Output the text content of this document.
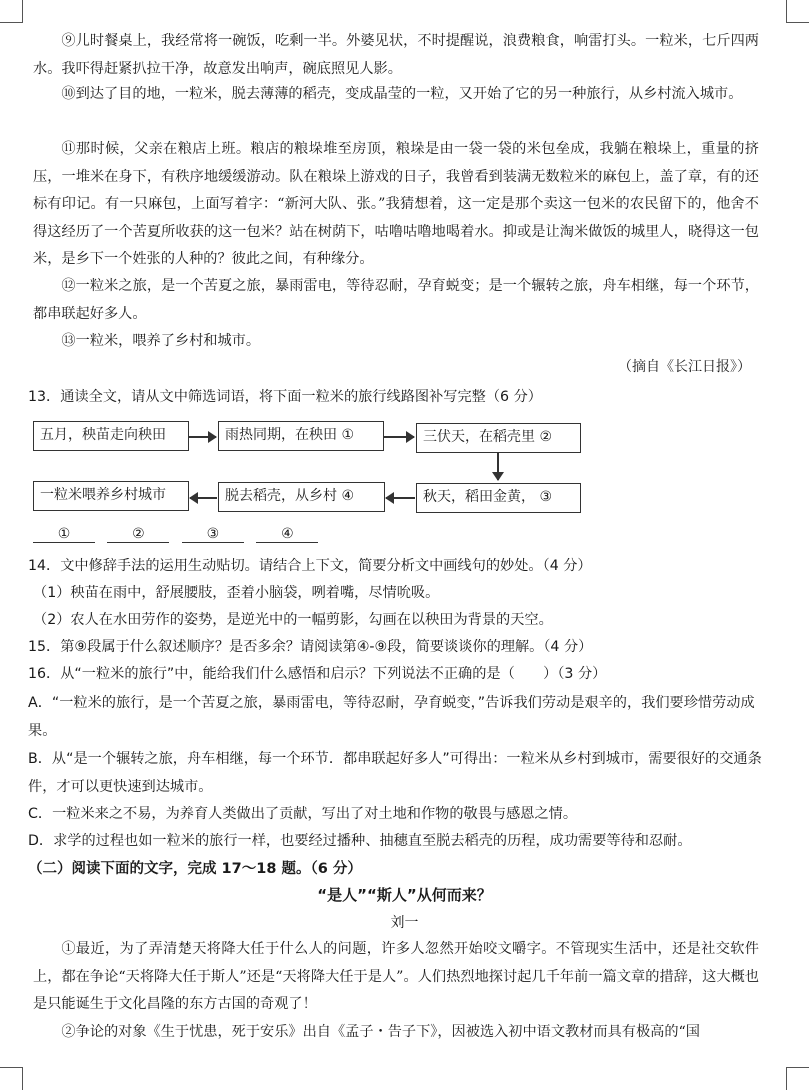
⑨儿时餐桌上，我经常将一碗饭，吃剩一半。外婆见状，不时提醒说，浪费粮食，响雷打头。一粒米，七斤四两水。我吓得赶紧扒拉干净，故意发出响声，碗底照见人影。
⑩到达了目的地，一粒米，脱去薄薄的稻壳，变成晶莹的一粒，又开始了它的另一种旅行，从乡村流入城市。
⑪那时候，父亲在粮店上班。粮店的粮垛堆至房顶，粮垛是由一袋一袋的米包垒成，我躺在粮垛上，重量的挤压，一堆米在身下，有秩序地缓缓游动。队在粮垛上游戏的日子，我曾看到装满无数粒米的麻包上，盖了章，有的还标有印记。有一只麻包，上面写着字：“新河大队、张。”我猜想着，这一定是那个卖这一包米的农民留下的，他舍不得这经历了一个苦夏所收获的这一包米？站在树荫下，咕噜咕噜地喝着水。抑或是让淘米做饭的城里人，晓得这一包米，是乡下一个姓张的人种的？彼此之间，有种缘分。
⑫一粒米之旅，是一个苦夏之旅，暴雨雷电，等待忍耐，孕育蜕变；是一个辗转之旅，舟车相继，每一个环节，都串联起好多人。
⑬一粒米，喂养了乡村和城市。
（摘自《长江日报》）
13．通读全文，请从文中筛选词语，将下面一粒米的旅行线路图补写完整（6 分）
五月，秧苗走向秧田	雨热同期，在秧田 ①	三伏天，在稻壳里 ②
秋天，稻田金黄， ③
脱去稻壳，从乡村 ④
一粒米喂养乡村城市
①	②	③	④
14．文中修辞手法的运用生动贴切。请结合上下文，简要分析文中画线句的妙处。（4 分）
（1）秧苗在雨中，舒展腰肢，歪着小脑袋，咧着嘴，尽情吮吸。
（2）农人在水田劳作的姿势，是逆光中的一幅剪影，勾画在以秧田为背景的天空。
15．第⑨段属于什么叙述顺序？是否多余？请阅读第④-⑨段，简要谈谈你的理解。（4 分）
16．从“一粒米的旅行”中，能给我们什么感悟和启示？下列说法不正确的是（　　）（3 分）
A．“一粒米的旅行，是一个苦夏之旅，暴雨雷电，等待忍耐，孕育蜕变，”告诉我们劳动是艰辛的，我们要珍惜劳动成果。
B．从“是一个辗转之旅，舟车相继，每一个环节．都串联起好多人”可得出：一粒米从乡村到城市，需要很好的交通条件，才可以更快速到达城市。
C．一粒米来之不易，为养育人类做出了贡献，写出了对土地和作物的敬畏与感恩之情。
D．求学的过程也如一粒米的旅行一样，也要经过播种、抽穗直至脱去稻壳的历程，成功需要等待和忍耐。
（二）阅读下面的文字，完成 17～18 题。（6 分）
“是人”“斯人”从何而来？
刘一
①最近，为了弄清楚天将降大任于什么人的问题，许多人忽然开始咬文嚼字。不管现实生活中，还是社交软件上，都在争论“天将降大任于斯人”还是“天将降大任于是人”。人们热烈地探讨起几千年前一篇文章的措辞，这大概也是只能诞生于文化昌隆的东方古国的奇观了！
②争论的对象《生于忧患，死于安乐》出自《孟子・告子下》，因被选入初中语文教材而具有极高的“国
